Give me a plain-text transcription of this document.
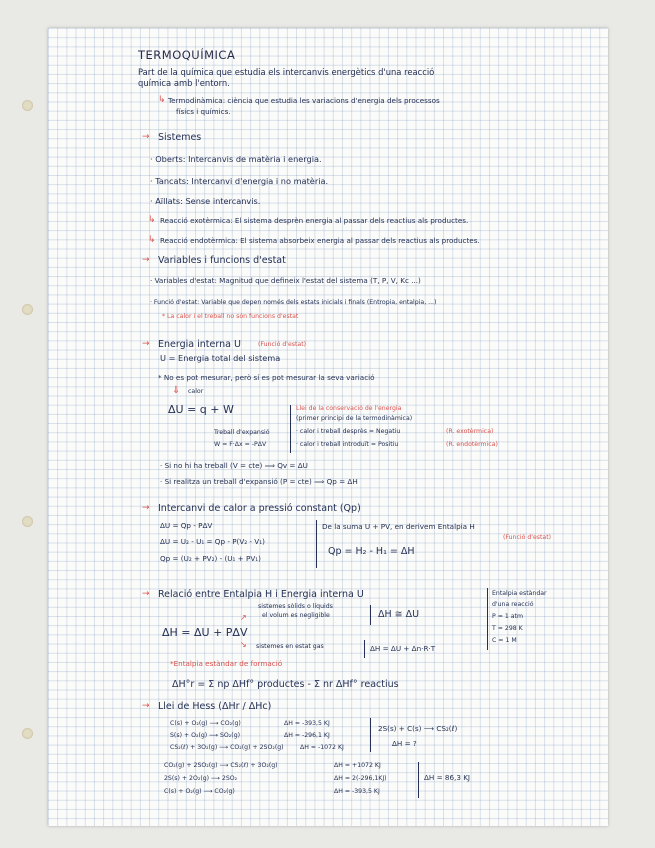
TERMOQUÍMICA
Part de la química que estudia els intercanvis energètics d'una reacció
química amb l'entorn.
↳ Termodinàmica: ciència que estudia les variacions d'energia dels processos
físics i químics.
→ Sistemes
· Oberts: Intercanvis de matèria i energia.
· Tancats: Intercanvi d'energia i no matèria.
· Aïllats: Sense intercanvis.
↳ Reacció exotèrmica: El sistema desprèn energia al passar dels reactius als productes.
↳ Reacció endotèrmica: El sistema absorbeix energia al passar dels reactius als productes.
→ Variables i funcions d'estat
· Variables d'estat: Magnitud que defineix l'estat del sistema (T, P, V, Kc ...)
· Funció d'estat: Variable que depen només dels estats inicials i finals (Entropia, entalpia, ...)
* La calor i el treball no són funcions d'estat
→ Energia interna U	(Funció d'estat)
U = Energia total del sistema
* No es pot mesurar, però sí es pot mesurar la seva variació
⇓ calor
ΔU = q + W	Llei de la conservació de l'energia
(primer principi de la termodinàmica)
· calor i treball desprès = Negatiu	(R. exotèrmica)
· calor i treball introduït = Positiu	(R. endotèrmica)
Treball d'expansió
W = F·Δx = -PΔV
· Si no hi ha treball (V = cte) ⟹ Qv = ΔU
· Si realitza un treball d'expansió (P = cte) ⟹ Qp = ΔH
→ Intercanvi de calor a pressió constant (Qp)
ΔU = Qp - PΔV
ΔU = U₂ - U₁ = Qp - P(V₂ - V₁)
Qp = (U₂ + PV₂) - (U₁ + PV₁)
De la suma U + PV, en derivem Entalpia H
(Funció d'estat)
Qp = H₂ - H₁ = ΔH
→ Relació entre Entalpia H i Energia interna U
ΔH = ΔU + PΔV
↗
sistemes sòlids o líquids
el volum es negligible	ΔH ≅ ΔU
↘ sistemes en estat gas	ΔH = ΔU + Δn·R·T
Entalpia estàndar
d'una reacció
P = 1 atm
T = 298 K
C = 1 M
*Entalpia estàndar de formació
ΔH°r = Σ np ΔHf° productes - Σ nr ΔHf° reactius
→ Llei de Hess (ΔHr / ΔHc)
C(s) + O₂(g) ⟶ CO₂(g)	ΔH = -393,5 KJ
S(s) + O₂(g) ⟶ SO₂(g)	ΔH = -296,1 KJ
CS₂(ℓ) + 3O₂(g) ⟶ CO₂(g) + 2SO₂(g)	ΔH = -1072 KJ
2S(s) + C(s) ⟶ CS₂(ℓ)
ΔH = ?
CO₂(g) + 2SO₂(g) ⟶ CS₂(ℓ) + 3O₂(g)	ΔH = +1072 KJ
2S(s) + 2O₂(g) ⟶ 2SO₂	ΔH = 2(-296,1KJ)
C(s) + O₂(g) ⟶ CO₂(g)	ΔH = -393,5 KJ
ΔH = 86,3 KJ
